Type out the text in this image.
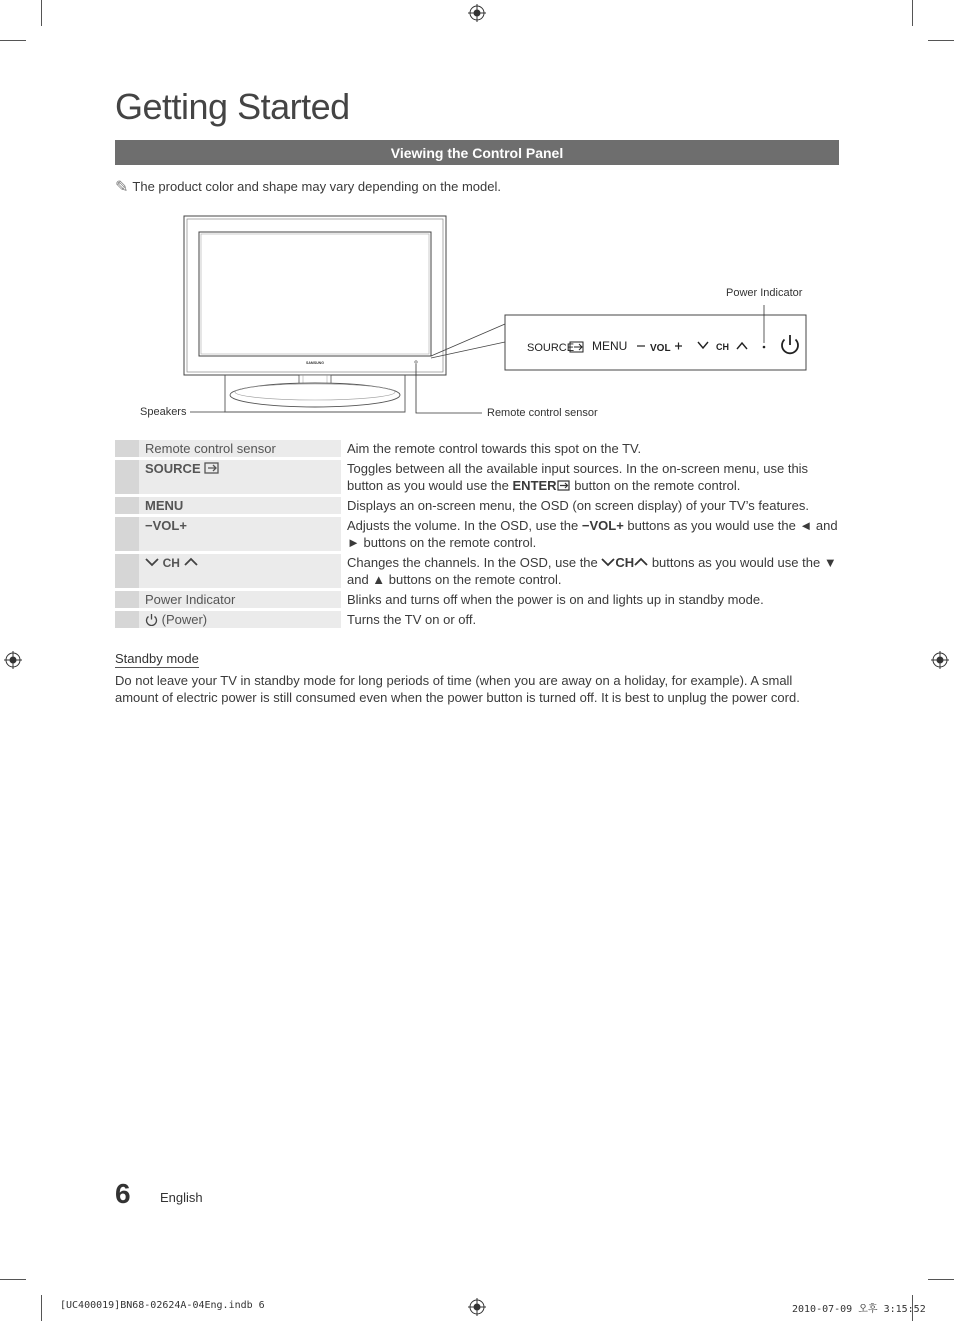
Getting Started
Viewing the Control Panel
✎ The product color and shape may vary depending on the model.
SAMSUNG
Speakers	Remote control sensor
SOURCE MENU VOL	CH
Power Indicator
	Remote control sensor	Aim the remote control towards this spot on the TV.
	SOURCE	Toggles between all the available input sources. In the on-screen menu, use this button as you would use the ENTER button on the remote control.
	MENU	Displays an on-screen menu, the OSD (on screen display) of your TV’s features.
	−VOL+	Adjusts the volume. In the OSD, use the −VOL+ buttons as you would use the ◄ and ► buttons on the remote control.
	CH	Changes the channels. In the OSD, use the CH buttons as you would use the ▼ and ▲ buttons on the remote control.
	Power Indicator	Blinks and turns off when the power is on and lights up in standby mode.
	(Power)	Turns the TV on or off.
Standby mode
Do not leave your TV in standby mode for long periods of time (when you are away on a holiday, for example). A small amount of electric power is still consumed even when the power button is turned off. It is best to unplug the power cord.
6 English
[UC400019]BN68-02624A-04Eng.indb 6	2010-07-09 오후 3:15:52
